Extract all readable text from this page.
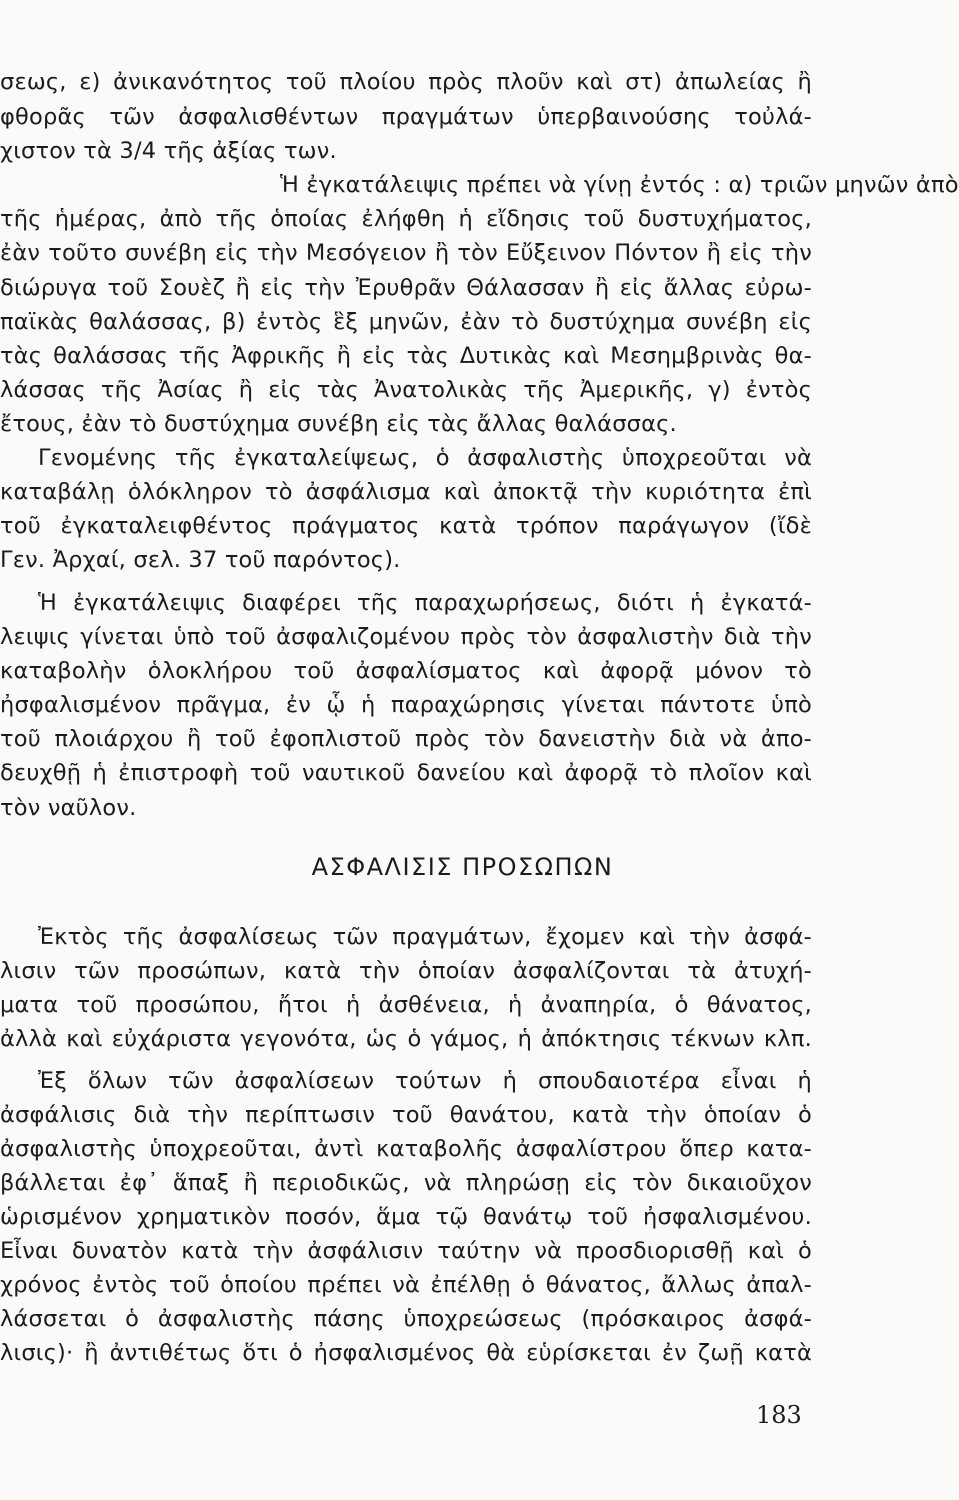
σεως, ε) ἀνικανότητος τοῦ πλοίου πρὸς πλοῦν καὶ στ) ἀπωλείας ἢ
φθορᾶς τῶν ἀσφαλισθέντων πραγμάτων ὑπερβαινούσης τοὐλά-
χιστον τὰ 3/4 τῆς ἀξίας των.
Ἡ ἐγκατάλειψις πρέπει νὰ γίνῃ ἐντός : α) τριῶν μηνῶν ἀπὸ
τῆς ἡμέρας, ἀπὸ τῆς ὁποίας ἐλήφθη ἡ εἴδησις τοῦ δυστυχήματος,
ἐὰν τοῦτο συνέβη εἰς τὴν Μεσόγειον ἢ τὸν Εὔξεινον Πόντον ἢ εἰς τὴν
διώρυγα τοῦ Σουὲζ ἢ εἰς τὴν Ἐρυθρᾶν Θάλασσαν ἢ εἰς ἄλλας εὐρω-
παϊκὰς θαλάσσας, β) ἐντὸς ἓξ μηνῶν, ἐὰν τὸ δυστύχημα συνέβη εἰς
τὰς θαλάσσας τῆς Ἀφρικῆς ἢ εἰς τὰς Δυτικὰς καὶ Μεσημβρινὰς θα-
λάσσας τῆς Ἀσίας ἢ εἰς τὰς Ἀνατολικὰς τῆς Ἀμερικῆς, γ) ἐντὸς
ἔτους, ἐὰν τὸ δυστύχημα συνέβη εἰς τὰς ἄλλας θαλάσσας.
Γενομένης τῆς ἐγκαταλείψεως, ὁ ἀσφαλιστὴς ὑποχρεοῦται νὰ
καταβάλῃ ὁλόκληρον τὸ ἀσφάλισμα καὶ ἀποκτᾷ τὴν κυριότητα ἐπὶ
τοῦ ἐγκαταλειφθέντος πράγματος κατὰ τρόπον παράγωγον (ἴδὲ
Γεν. Ἀρχαί, σελ. 37 τοῦ παρόντος).
Ἡ ἐγκατάλειψις διαφέρει τῆς παραχωρήσεως, διότι ἡ ἐγκατά-
λειψις γίνεται ὑπὸ τοῦ ἀσφαλιζομένου πρὸς τὸν ἀσφαλιστὴν διὰ τὴν
καταβολὴν ὁλοκλήρου τοῦ ἀσφαλίσματος καὶ ἀφορᾷ μόνον τὸ
ἠσφαλισμένον πρᾶγμα, ἐν ᾧ ἡ παραχώρησις γίνεται πάντοτε ὑπὸ
τοῦ πλοιάρχου ἢ τοῦ ἐφοπλιστοῦ πρὸς τὸν δανειστὴν διὰ νὰ ἀπο-
δευχθῇ ἡ ἐπιστροφὴ τοῦ ναυτικοῦ δανείου καὶ ἀφορᾷ τὸ πλοῖον καὶ
τὸν ναῦλον.
ΑΣΦΑΛΙΣΙΣ ΠΡΟΣΩΠΩΝ
Ἐκτὸς τῆς ἀσφαλίσεως τῶν πραγμάτων, ἔχομεν καὶ τὴν ἀσφά-
λισιν τῶν προσώπων, κατὰ τὴν ὁποίαν ἀσφαλίζονται τὰ ἀτυχή-
ματα τοῦ προσώπου, ἤτοι ἡ ἀσθένεια, ἡ ἀναπηρία, ὁ θάνατος,
ἀλλὰ καὶ εὐχάριστα γεγονότα, ὡς ὁ γάμος, ἡ ἀπόκτησις τέκνων κλπ.
Ἐξ ὅλων τῶν ἀσφαλίσεων τούτων ἡ σπουδαιοτέρα εἶναι ἡ
ἀσφάλισις διὰ τὴν περίπτωσιν τοῦ θανάτου, κατὰ τὴν ὁποίαν ὁ
ἀσφαλιστὴς ὑποχρεοῦται, ἀντὶ καταβολῆς ἀσφαλίστρου ὅπερ κατα-
βάλλεται ἐφ᾽ ἅπαξ ἢ περιοδικῶς, νὰ πληρώσῃ εἰς τὸν δικαιοῦχον
ὡρισμένον χρηματικὸν ποσόν, ἅμα τῷ θανάτῳ τοῦ ἠσφαλισμένου.
Εἶναι δυνατὸν κατὰ τὴν ἀσφάλισιν ταύτην νὰ προσδιορισθῇ καὶ ὁ
χρόνος ἐντὸς τοῦ ὁποίου πρέπει νὰ ἐπέλθῃ ὁ θάνατος, ἄλλως ἀπαλ-
λάσσεται ὁ ἀσφαλιστὴς πάσης ὑποχρεώσεως (πρόσκαιρος ἀσφά-
λισις)· ἢ ἀντιθέτως ὅτι ὁ ἠσφαλισμένος θὰ εὑρίσκεται ἐν ζωῇ κατὰ
183
